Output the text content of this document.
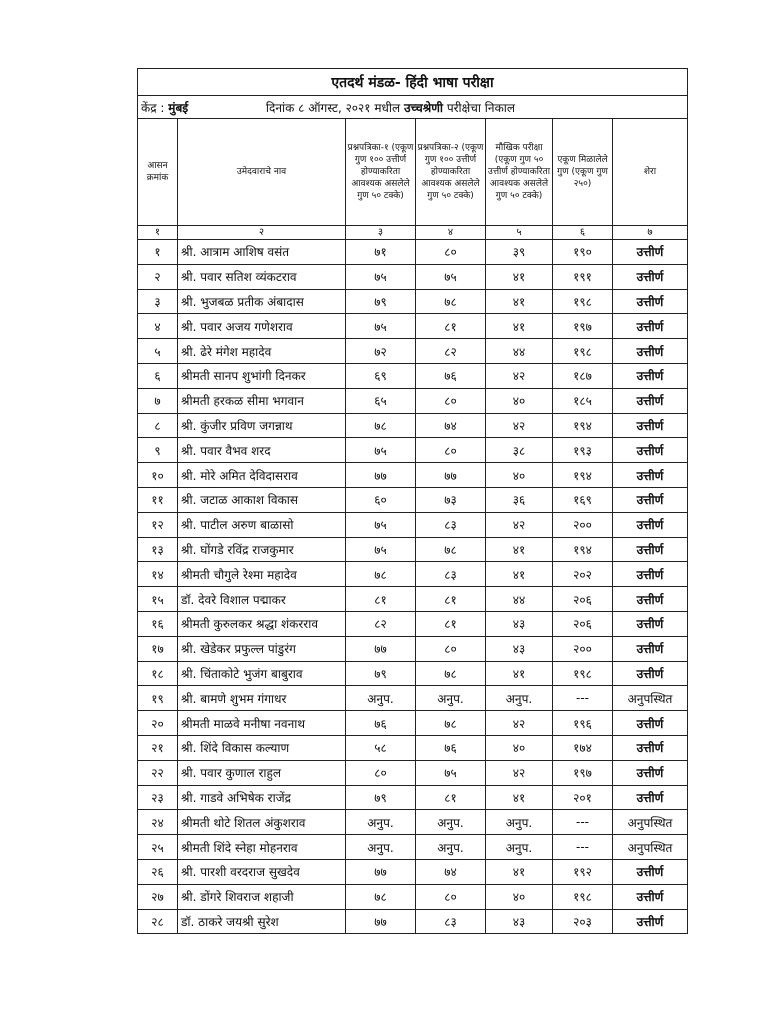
एतदर्थ मंडळ- हिंदी भाषा परीक्षा						
केंद्र : मुंबई दिनांक ८ ऑगस्ट, २०२१ मधील उच्चश्रेणी परीक्षेचा निकाल						
आसन क्रमांक	उमेदवाराचे नाव	प्रश्नपत्रिका-१ (एकूण गुण १०० उत्तीर्ण होण्याकरिता आवश्यक असलेले गुण ५० टक्के)	प्रश्नपत्रिका-२ (एकूण गुण १०० उत्तीर्ण होण्याकरिता आवश्यक असलेले गुण ५० टक्के)	मौखिक परीक्षा (एकूण गुण ५० उत्तीर्ण होण्याकरिता आवश्यक असलेले गुण ५० टक्के)	एकूण मिळालेले गुण (एकूण गुण २५०)	शेरा
१	२	३	४	५	६	७
१	श्री. आत्राम आशिष वसंत	७१	८०	३९	१९०	उत्तीर्ण
२	श्री. पवार सतिश व्यंकटराव	७५	७५	४१	१९१	उत्तीर्ण
३	श्री. भुजबळ प्रतीक अंबादास	७९	७८	४१	१९८	उत्तीर्ण
४	श्री. पवार अजय गणेशराव	७५	८१	४१	१९७	उत्तीर्ण
५	श्री. ढेरे मंगेश महादेव	७२	८२	४४	१९८	उत्तीर्ण
६	श्रीमती सानप शुभांगी दिनकर	६९	७६	४२	१८७	उत्तीर्ण
७	श्रीमती हरकळ सीमा भगवान	६५	८०	४०	१८५	उत्तीर्ण
८	श्री. कुंजीर प्रविण जगन्नाथ	७८	७४	४२	१९४	उत्तीर्ण
९	श्री. पवार वैभव शरद	७५	८०	३८	१९३	उत्तीर्ण
१०	श्री. मोरे अमित देविदासराव	७७	७७	४०	१९४	उत्तीर्ण
११	श्री. जटाळ आकाश विकास	६०	७३	३६	१६९	उत्तीर्ण
१२	श्री. पाटील अरुण बाळासो	७५	८३	४२	२००	उत्तीर्ण
१३	श्री. घोंगडे रविंद्र राजकुमार	७५	७८	४१	१९४	उत्तीर्ण
१४	श्रीमती चौगुले रेश्मा महादेव	७८	८३	४१	२०२	उत्तीर्ण
१५	डॉ. देवरे विशाल पद्माकर	८१	८१	४४	२०६	उत्तीर्ण
१६	श्रीमती कुरुलकर श्रद्धा शंकरराव	८२	८१	४३	२०६	उत्तीर्ण
१७	श्री. खेडेकर प्रफुल्ल पांडुरंग	७७	८०	४३	२००	उत्तीर्ण
१८	श्री. चिंताकोटे भुजंग बाबुराव	७९	७८	४१	१९८	उत्तीर्ण
१९	श्री. बामणे शुभम गंगाधर	अनुप.	अनुप.	अनुप.	---	अनुपस्थित
२०	श्रीमती माळवे मनीषा नवनाथ	७६	७८	४२	१९६	उत्तीर्ण
२१	श्री. शिंदे विकास कल्याण	५८	७६	४०	१७४	उत्तीर्ण
२२	श्री. पवार कुणाल राहुल	८०	७५	४२	१९७	उत्तीर्ण
२३	श्री. गाडवे अभिषेक राजेंद्र	७९	८१	४१	२०१	उत्तीर्ण
२४	श्रीमती थोटे शितल अंकुशराव	अनुप.	अनुप.	अनुप.	---	अनुपस्थित
२५	श्रीमती शिंदे स्नेहा मोहनराव	अनुप.	अनुप.	अनुप.	---	अनुपस्थित
२६	श्री. पारशी वरदराज सुखदेव	७७	७४	४१	१९२	उत्तीर्ण
२७	श्री. डोंगरे शिवराज शहाजी	७८	८०	४०	१९८	उत्तीर्ण
२८	डॉ. ठाकरे जयश्री सुरेश	७७	८३	४३	२०३	उत्तीर्ण
